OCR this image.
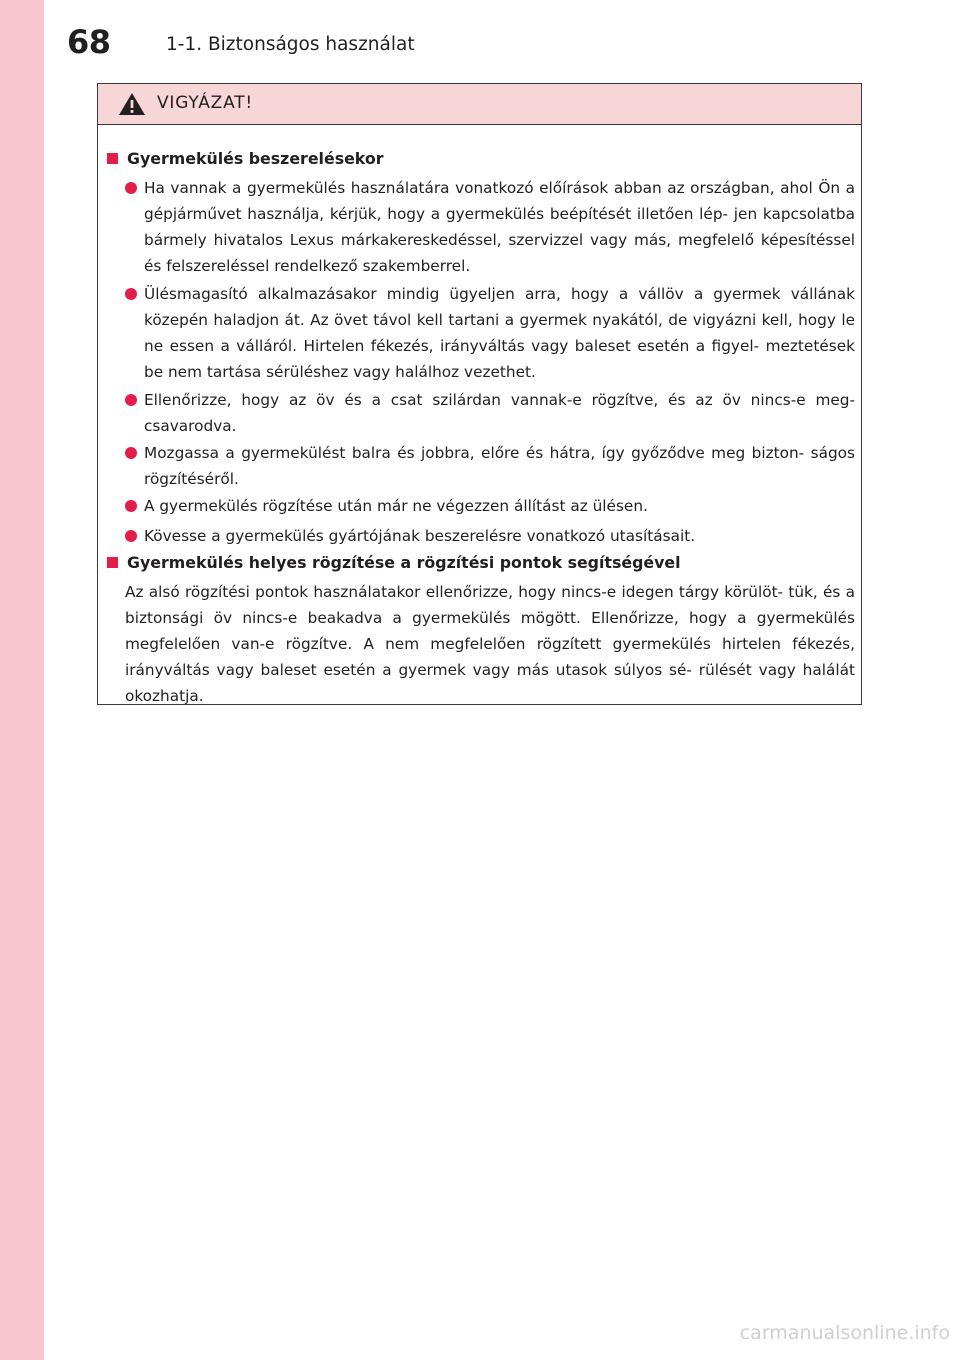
68	1-1. Biztonságos használat
VIGYÁZAT!
Gyermekülés beszerelésekor
Ha vannak a gyermekülés használatára vonatkozó előírások abban az országban, ahol Ön a gépjárművet használja, kérjük, hogy a gyermekülés beépítését illetően lép- jen kapcsolatba bármely hivatalos Lexus márkakereskedéssel, szervizzel vagy más, megfelelő képesítéssel és felszereléssel rendelkező szakemberrel.
Ülésmagasító alkalmazásakor mindig ügyeljen arra, hogy a vállöv a gyermek vállának közepén haladjon át. Az övet távol kell tartani a gyermek nyakától, de vigyázni kell, hogy le ne essen a válláról. Hirtelen fékezés, irányváltás vagy baleset esetén a figyel- meztetések be nem tartása sérüléshez vagy halálhoz vezethet.
Ellenőrizze, hogy az öv és a csat szilárdan vannak-e rögzítve, és az öv nincs-e meg- csavarodva.
Mozgassa a gyermekülést balra és jobbra, előre és hátra, így győződve meg bizton- ságos rögzítéséről.
A gyermekülés rögzítése után már ne végezzen állítást az ülésen.
Kövesse a gyermekülés gyártójának beszerelésre vonatkozó utasításait.
Gyermekülés helyes rögzítése a rögzítési pontok segítségével
Az alsó rögzítési pontok használatakor ellenőrizze, hogy nincs-e idegen tárgy körülöt- tük, és a biztonsági öv nincs-e beakadva a gyermekülés mögött. Ellenőrizze, hogy a gyermekülés megfelelően van-e rögzítve. A nem megfelelően rögzített gyermekülés hirtelen fékezés, irányváltás vagy baleset esetén a gyermek vagy más utasok súlyos sé- rülését vagy halálát okozhatja.
carmanualsonline.info
